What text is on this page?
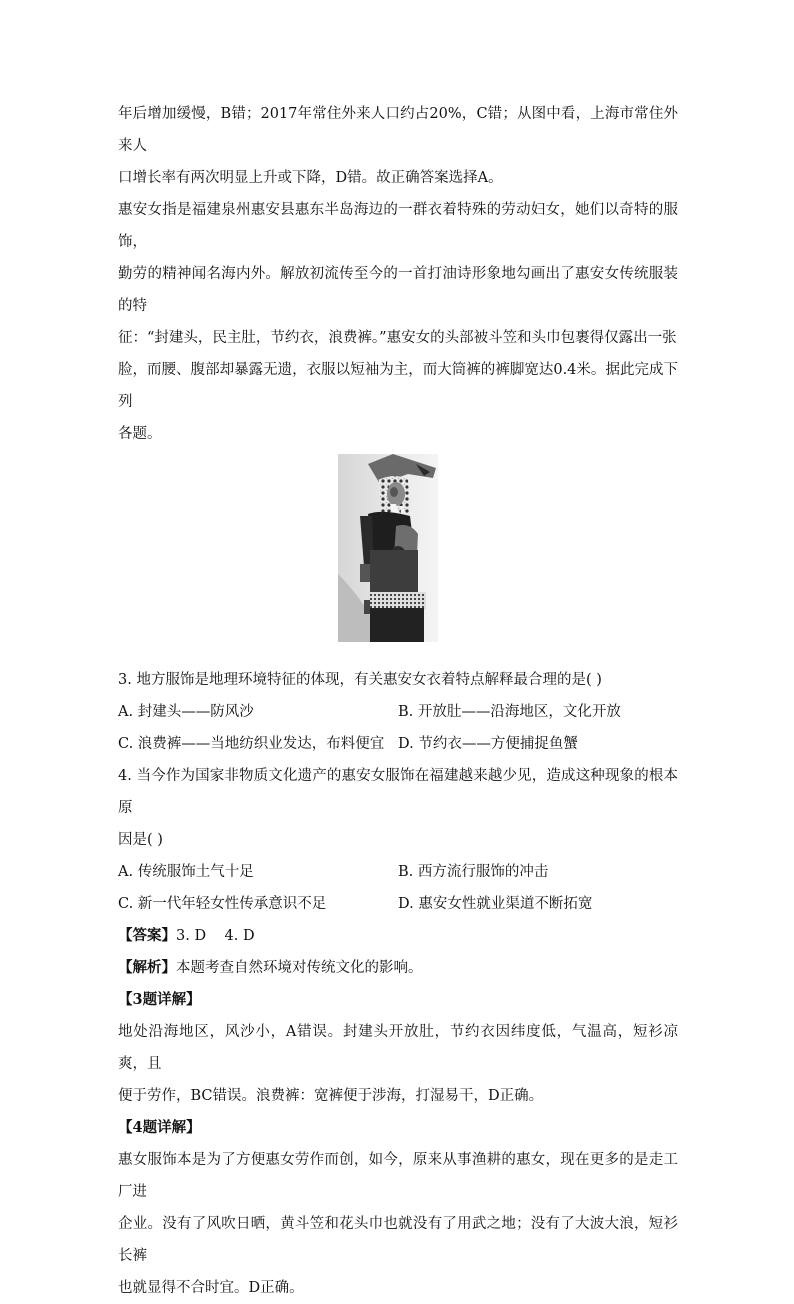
年后增加缓慢，B错；2017年常住外来人口约占20%，C错；从图中看，上海市常住外来人

口增长率有两次明显上升或下降，D错。故正确答案选择A。

惠安女指是福建泉州惠安县惠东半岛海边的一群衣着特殊的劳动妇女，她们以奇特的服饰，

勤劳的精神闻名海内外。解放初流传至今的一首打油诗形象地勾画出了惠安女传统服装的特

征：“封建头，民主肚，节约衣，浪费裤。”惠安女的头部被斗笠和头巾包裹得仅露出一张

脸，而腰、腹部却暴露无遗，衣服以短袖为主，而大筒裤的裤脚宽达0.4米。据此完成下列

各题。

3. 地方服饰是地理环境特征的体现，有关惠安女衣着特点解释最合理的是( )

A. 封建头——防风沙	B. 开放肚——沿海地区，文化开放
C. 浪费裤——当地纺织业发达，布料便宜 D. 节约衣——方便捕捉鱼蟹

4. 当今作为国家非物质文化遗产的惠安女服饰在福建越来越少见，造成这种现象的根本原

因是( )

A. 传统服饰土气十足	B. 西方流行服饰的冲击
C. 新一代年轻女性传承意识不足	D. 惠安女性就业渠道不断拓宽

【答案】3. D    4. D

【解析】本题考查自然环境对传统文化的影响。

【3题详解】

地处沿海地区，风沙小，A错误。封建头开放肚，节约衣因纬度低，气温高，短衫凉爽，且

便于劳作，BC错误。浪费裤：宽裤便于涉海，打湿易干，D正确。

【4题详解】

惠女服饰本是为了方便惠女劳作而创，如今，原来从事渔耕的惠女，现在更多的是走工厂进

企业。没有了风吹日晒，黄斗笠和花头巾也就没有了用武之地；没有了大波大浪，短衫长裤

也就显得不合时宜。D正确。
